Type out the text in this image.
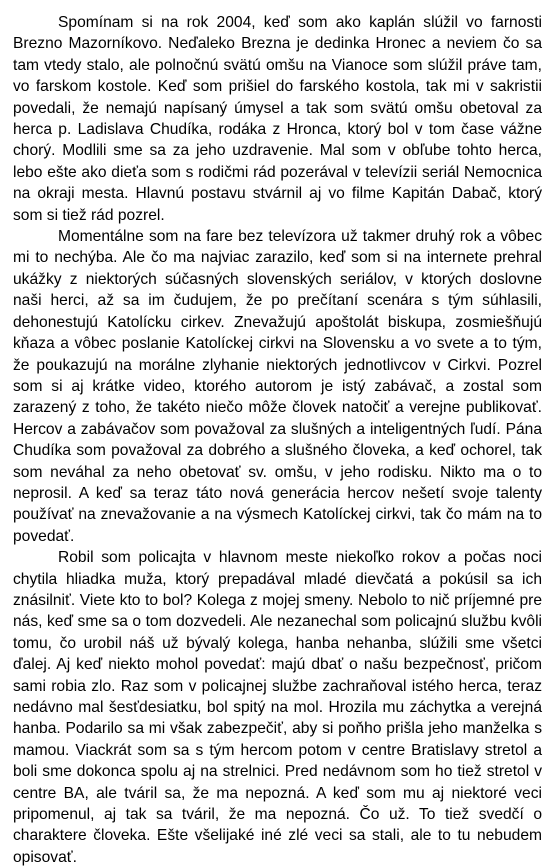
Spomínam si na rok 2004, keď som ako kaplán slúžil vo farnosti Brezno Mazorníkovo. Neďaleko Brezna je dedinka Hronec a neviem čo sa tam vtedy stalo, ale polnočnú svätú omšu na Vianoce som slúžil práve tam, vo farskom kostole. Keď som prišiel do farského kostola, tak mi v sakristii povedali, že nemajú napísaný úmysel a tak som svätú omšu obetoval za herca p. Ladislava Chudíka, rodáka z Hronca, ktorý bol v tom čase vážne chorý. Modlili sme sa za jeho uzdravenie. Mal som v obľube tohto herca, lebo ešte ako dieťa som s rodičmi rád pozerával v televízii seriál Nemocnica na okraji mesta. Hlavnú postavu stvárnil aj vo filme Kapitán Dabač, ktorý som si tiež rád pozrel.

Momentálne som na fare bez televízora už takmer druhý rok a vôbec mi to nechýba. Ale čo ma najviac zarazilo, keď som si na internete prehral ukážky z niektorých súčasných slovenských seriálov, v ktorých doslovne naši herci, až sa im čudujem, že po prečítaní scenára s tým súhlasili, dehonestujú Katolícku cirkev. Znevažujú apoštolát biskupa, zosmiešňujú kňaza a vôbec poslanie Katolíckej cirkvi na Slovensku a vo svete a to tým, že poukazujú na morálne zlyhanie niektorých jednotlivcov v Cirkvi. Pozrel som si aj krátke video, ktorého autorom je istý zabávač, a zostal som zarazený z toho, že takéto niečo môže človek natočiť a verejne publikovať. Hercov a zabávačov som považoval za slušných a inteligentných ľudí. Pána Chudíka som považoval za dobrého a slušného človeka, a keď ochorel, tak som neváhal za neho obetovať sv. omšu, v jeho rodisku. Nikto ma o to neprosil. A keď sa teraz táto nová generácia hercov nešetí svoje talenty používať na znevažovanie a na výsmech Katolíckej cirkvi, tak čo mám na to povedať.

Robil som policajta v hlavnom meste niekoľko rokov a počas noci chytila hliadka muža, ktorý prepadával mladé dievčatá a pokúsil sa ich znásilniť. Viete kto to bol? Kolega z mojej smeny. Nebolo to nič príjemné pre nás, keď sme sa o tom dozvedeli. Ale nezanechal som policajnú službu kvôli tomu, čo urobil náš už bývalý kolega, hanba nehanba, slúžili sme všetci ďalej. Aj keď niekto mohol povedať: majú dbať o našu bezpečnosť, pričom sami robia zlo. Raz som v policajnej službe zachraňoval istého herca, teraz nedávno mal šesťdesiatku, bol spitý na mol. Hrozila mu záchytka a verejná hanba. Podarilo sa mi však zabezpečiť, aby si poňho prišla jeho manželka s mamou. Viackrát som sa s tým hercom potom v centre Bratislavy stretol a boli sme dokonca spolu aj na strelnici. Pred nedávnom som ho tiež stretol v centre BA, ale tváril sa, že ma nepozná. A keď som mu aj niektoré veci pripomenul, aj tak sa tváril, že ma nepozná. Čo už. To tiež svedčí o charaktere človeka. Ešte všelijaké iné zlé veci sa stali, ale to tu nebudem opisovať.
